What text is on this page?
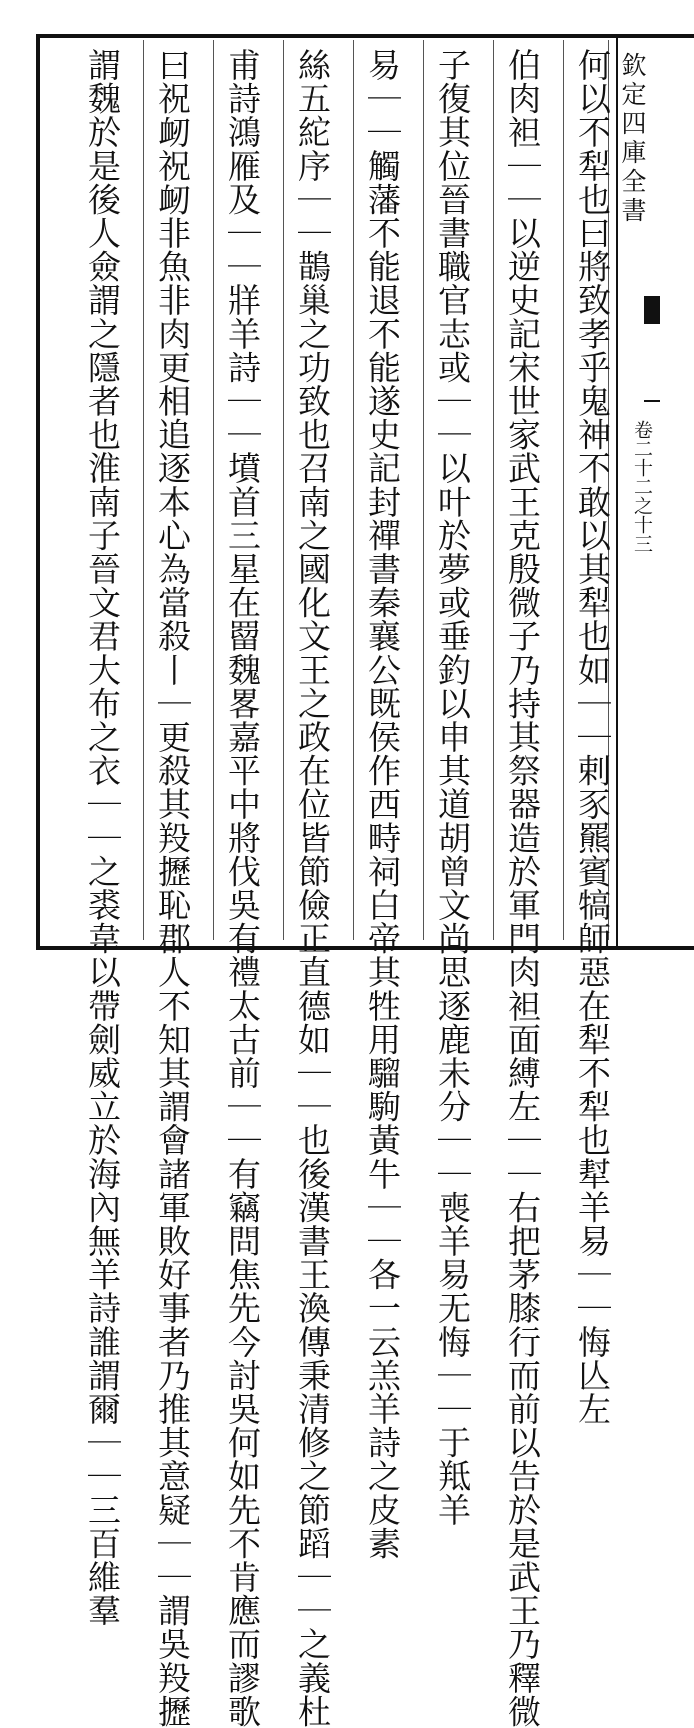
欽定四庫全書
卷二十二之十三
何以不犁也曰將致孝乎鬼神不敢以其犁也如｜｜剌豕羆賓犒師惡在犁不犁也犎羊易｜｜悔亾左
伯肉袒｜｜以逆史記宋世家武王克殷微子乃持其祭器造於軍門肉袒面縛左｜｜右把茅膝行而前以告於是武王乃釋微
子復其位晉書職官志或｜｜以叶於夢或垂釣以申其道胡曾文尚思逐鹿未分｜｜喪羊易无悔｜｜于羝羊
易｜｜觸藩不能退不能遂史記封禪書秦襄公既侯作西畤祠白帝其牲用騮駒黃牛｜｜各一云羔羊詩之皮素
絲五紽序｜｜鵲巢之功致也召南之國化文王之政在位皆節儉正直德如｜｜也後漢書王渙傳秉清修之節蹈｜｜之義杜
甫詩鴻雁及｜｜牂羊詩｜｜墳首三星在罶魏畧嘉平中將伐吳有禮太古前｜｜有竊問焦先今討吳何如先不肯應而謬歌
曰祝衂祝衂非魚非肉更相追逐本心為當殺丨｜更殺其羖攊恥郡人不知其謂會諸軍敗好事者乃推其意疑｜｜謂吳羖攊
謂魏於是後人僉謂之隱者也淮南子晉文君大布之衣｜｜之裘韋以帶劍威立於海內無羊詩誰謂爾｜｜三百維羣
